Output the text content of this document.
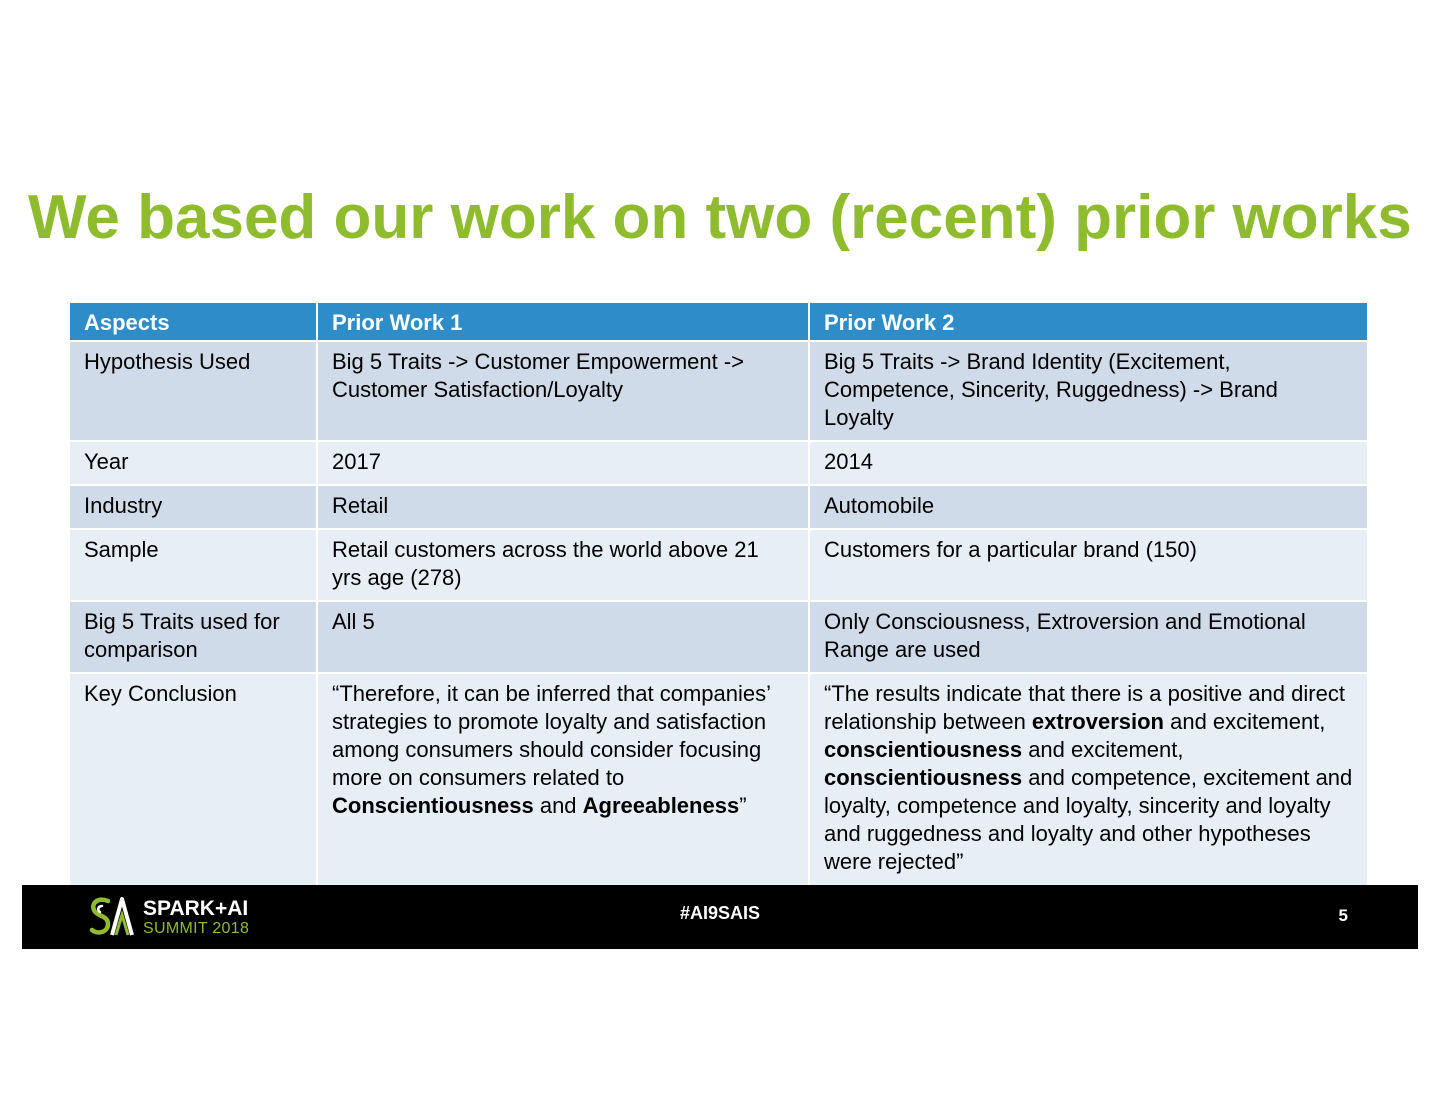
We based our work on two (recent) prior works
Aspects	Prior Work 1	Prior Work 2
Hypothesis Used	Big 5 Traits -> Customer Empowerment -> Customer Satisfaction/Loyalty	Big 5 Traits -> Brand Identity (Excitement, Competence, Sincerity, Ruggedness) -> Brand Loyalty
Year	2017	2014
Industry	Retail	Automobile
Sample	Retail customers across the world above 21 yrs age (278)	Customers for a particular brand (150)
Big 5 Traits used for comparison	All 5	Only Consciousness, Extroversion and Emotional Range are used
Key Conclusion	“Therefore, it can be inferred that companies’ strategies to promote loyalty and satisfaction among consumers should consider focusing more on consumers related to Conscientiousness and Agreeableness”	“The results indicate that there is a positive and direct relationship between extroversion and excitement, conscientiousness and excitement, conscientiousness and competence, excitement and loyalty, competence and loyalty, sincerity and loyalty and ruggedness and loyalty and other hypotheses were rejected”
SPARK+AI
SUMMIT 2018
#AI9SAIS	5
